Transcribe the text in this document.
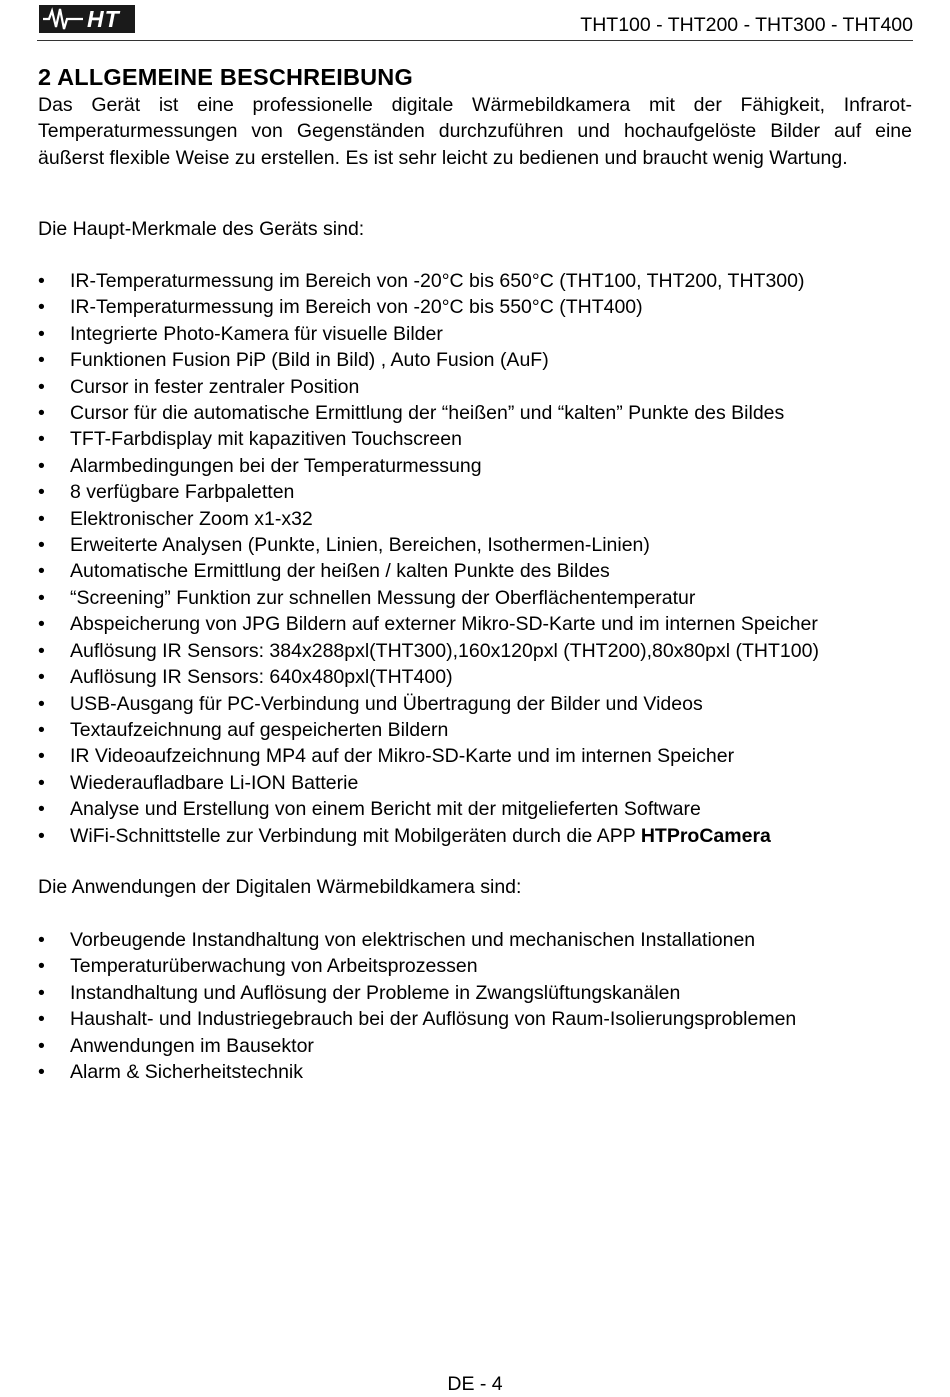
HT	THT100 - THT200 - THT300 - THT400
2 ALLGEMEINE BESCHREIBUNG

Das Gerät ist eine professionelle digitale Wärmebildkamera mit der Fähigkeit, Infrarot-Temperaturmessungen von Gegenständen durchzuführen und hochaufgelöste Bilder auf eine äußerst flexible Weise zu erstellen. Es ist sehr leicht zu bedienen und braucht wenig Wartung.

Die Haupt-Merkmale des Geräts sind:

• IR-Temperaturmessung im Bereich von -20°C bis 650°C (THT100, THT200, THT300)
• IR-Temperaturmessung im Bereich von -20°C bis 550°C (THT400)
• Integrierte Photo-Kamera für visuelle Bilder
• Funktionen Fusion PiP (Bild in Bild) , Auto Fusion (AuF)
• Cursor in fester zentraler Position
• Cursor für die automatische Ermittlung der “heißen” und “kalten” Punkte des Bildes
• TFT-Farbdisplay mit kapazitiven Touchscreen
• Alarmbedingungen bei der Temperaturmessung
• 8 verfügbare Farbpaletten
• Elektronischer Zoom x1-x32
• Erweiterte Analysen (Punkte, Linien, Bereichen, Isothermen-Linien)
• Automatische Ermittlung der heißen / kalten Punkte des Bildes
• “Screening” Funktion zur schnellen Messung der Oberflächentemperatur
• Abspeicherung von JPG Bildern auf externer Mikro-SD-Karte und im internen Speicher
• Auflösung IR Sensors: 384x288pxl(THT300),160x120pxl (THT200),80x80pxl (THT100)
• Auflösung IR Sensors: 640x480pxl(THT400)
• USB-Ausgang für PC-Verbindung und Übertragung der Bilder und Videos
• Textaufzeichnung auf gespeicherten Bildern
• IR Videoaufzeichnung MP4 auf der Mikro-SD-Karte und im internen Speicher
• Wiederaufladbare Li-ION Batterie
• Analyse und Erstellung von einem Bericht mit der mitgelieferten Software
• WiFi-Schnittstelle zur Verbindung mit Mobilgeräten durch die APP HTProCamera

Die Anwendungen der Digitalen Wärmebildkamera sind:

• Vorbeugende Instandhaltung von elektrischen und mechanischen Installationen
• Temperaturüberwachung von Arbeitsprozessen
• Instandhaltung und Auflösung der Probleme in Zwangslüftungskanälen
• Haushalt- und Industriegebrauch bei der Auflösung von Raum-Isolierungsproblemen
• Anwendungen im Bausektor
• Alarm & Sicherheitstechnik
DE - 4
